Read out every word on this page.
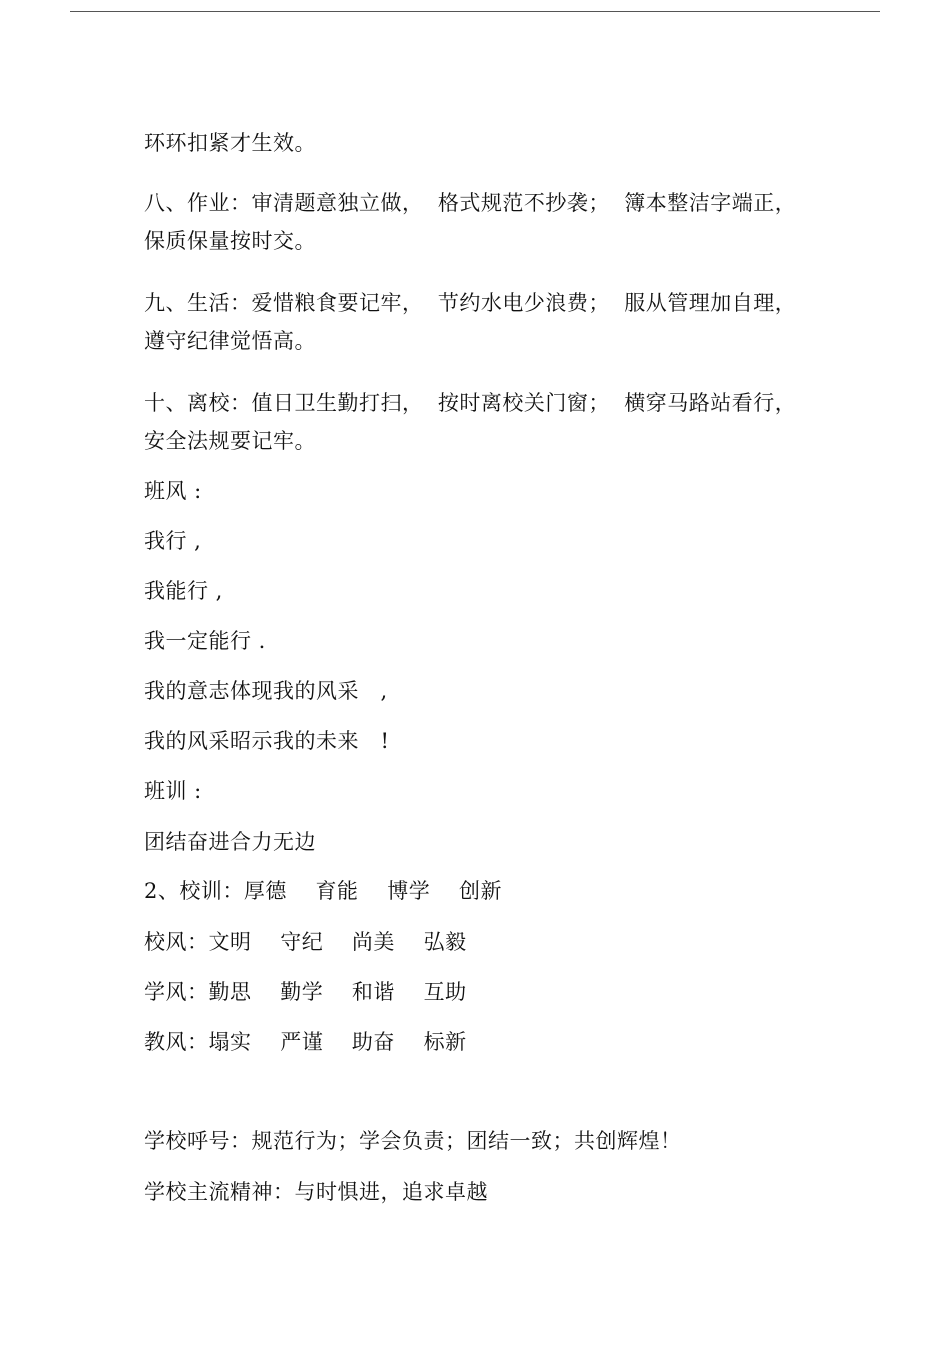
环环扣紧才生效。
八、作业：审清题意独立做，  格式规范不抄袭；  簿本整洁字端正，
保质保量按时交。
九、生活：爱惜粮食要记牢，  节约水电少浪费；  服从管理加自理，
遵守纪律觉悟高。
十、离校：值日卫生勤打扫，  按时离校关门窗；  横穿马路站看行，
安全法规要记牢。
班风 :
我行 ,
我能行 ,
我一定能行 .
我的意志体现我的风采   ,
我的风采昭示我的未来   !
班训 :
团结奋进合力无边
2、校训：厚德    育能    博学    创新
校风：文明    守纪    尚美    弘毅
学风：勤思    勤学    和谐    互助
教风：塌实    严谨    助奋    标新
学校呼号：规范行为；学会负责；团结一致；共创辉煌！
学校主流精神：与时惧进，追求卓越
